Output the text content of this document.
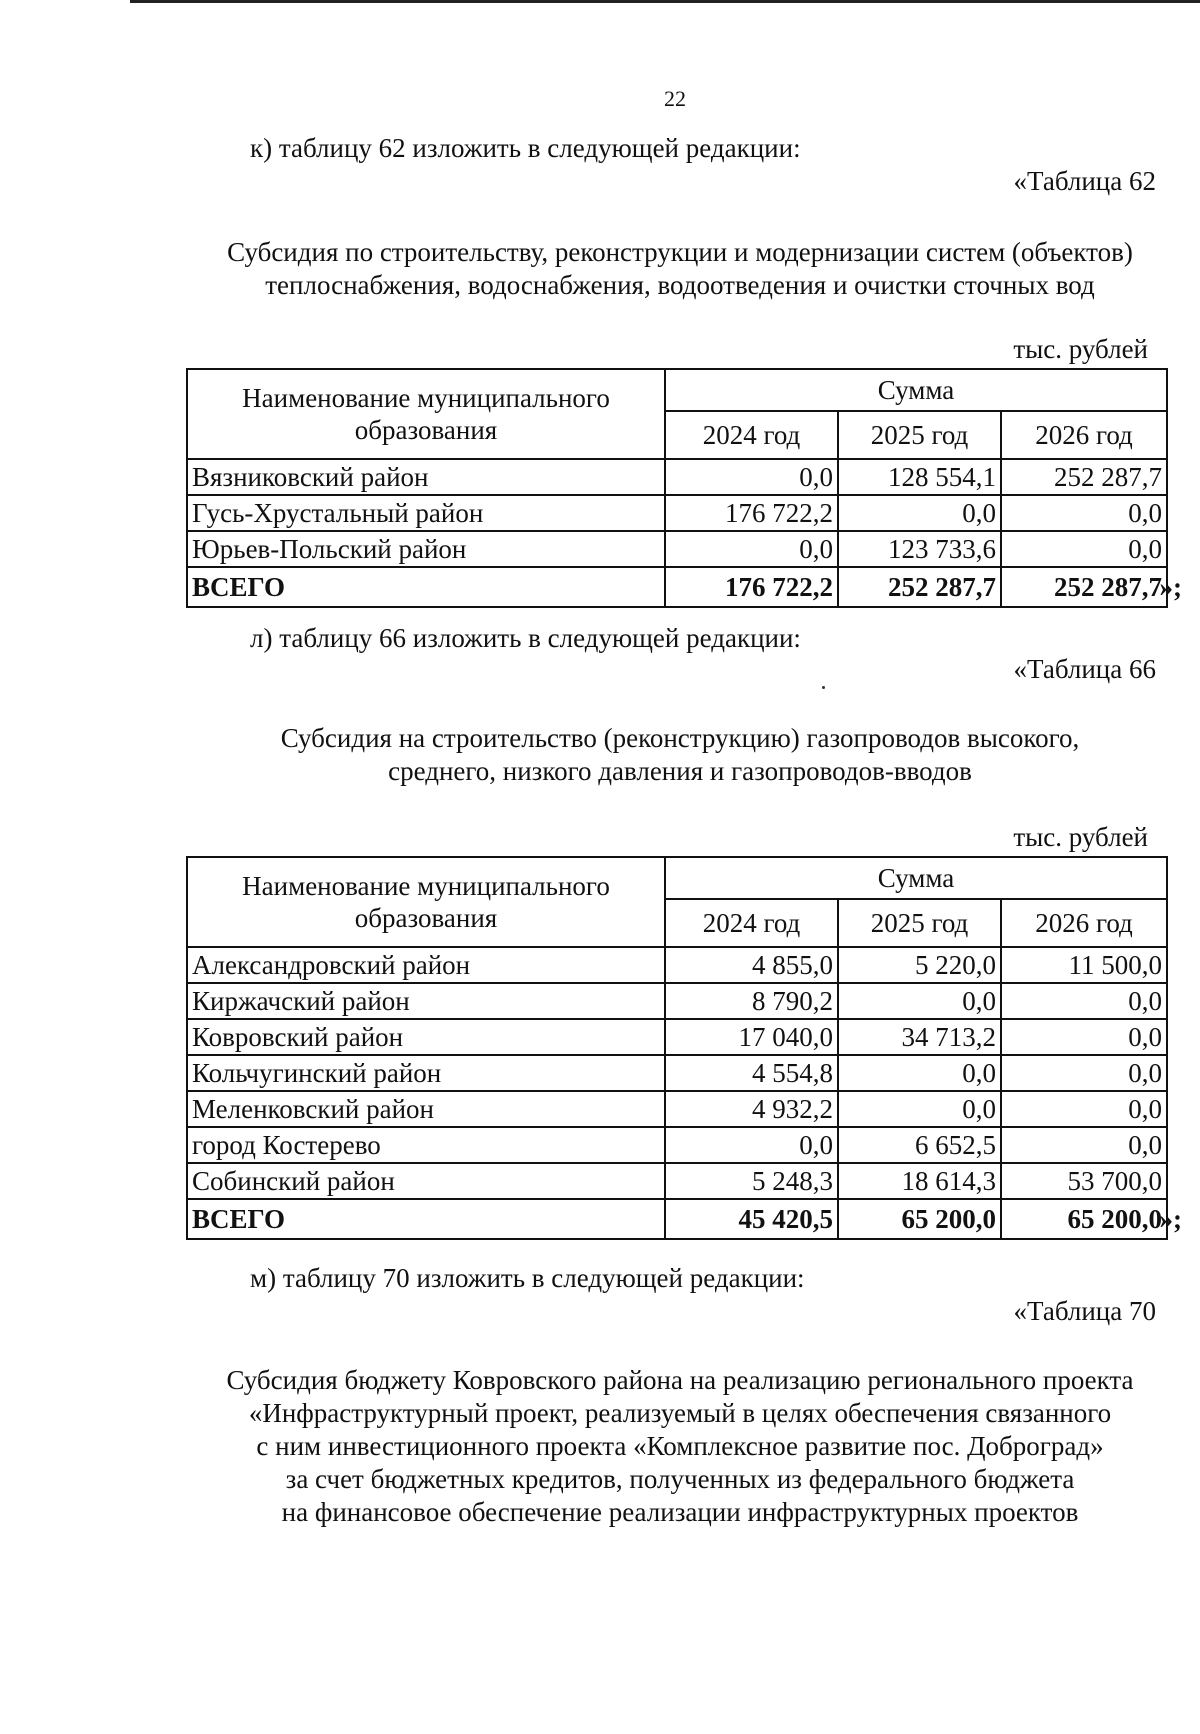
22
к) таблицу 62 изложить в следующей редакции:
«Таблица 62
Субсидия по строительству, реконструкции и модернизации систем (объектов)
теплоснабжения, водоснабжения, водоотведения и очистки сточных вод
тыс. рублей
Наименование муниципального образования	Сумма		
	2024 год	2025 год	2026 год
Вязниковский район	0,0	128 554,1	252 287,7
Гусь-Хрустальный район	176 722,2	0,0	0,0
Юрьев-Польский район	0,0	123 733,6	0,0
ВСЕГО	176 722,2	252 287,7	252 287,7
»;
л) таблицу 66 изложить в следующей редакции:
«Таблица 66
Субсидия на строительство (реконструкцию) газопроводов высокого,
среднего, низкого давления и газопроводов-вводов
тыс. рублей
Наименование муниципального образования	Сумма		
	2024 год	2025 год	2026 год
Александровский район	4 855,0	5 220,0	11 500,0
Киржачский район	8 790,2	0,0	0,0
Ковровский район	17 040,0	34 713,2	0,0
Кольчугинский район	4 554,8	0,0	0,0
Меленковский район	4 932,2	0,0	0,0
город Костерево	0,0	6 652,5	0,0
Собинский район	5 248,3	18 614,3	53 700,0
ВСЕГО	45 420,5	65 200,0	65 200,0
»;
м) таблицу 70 изложить в следующей редакции:
«Таблица 70
Субсидия бюджету Ковровского района на реализацию регионального проекта
«Инфраструктурный проект, реализуемый в целях обеспечения связанного
с ним инвестиционного проекта «Комплексное развитие пос. Доброград»
за счет бюджетных кредитов, полученных из федерального бюджета
на финансовое обеспечение реализации инфраструктурных проектов
